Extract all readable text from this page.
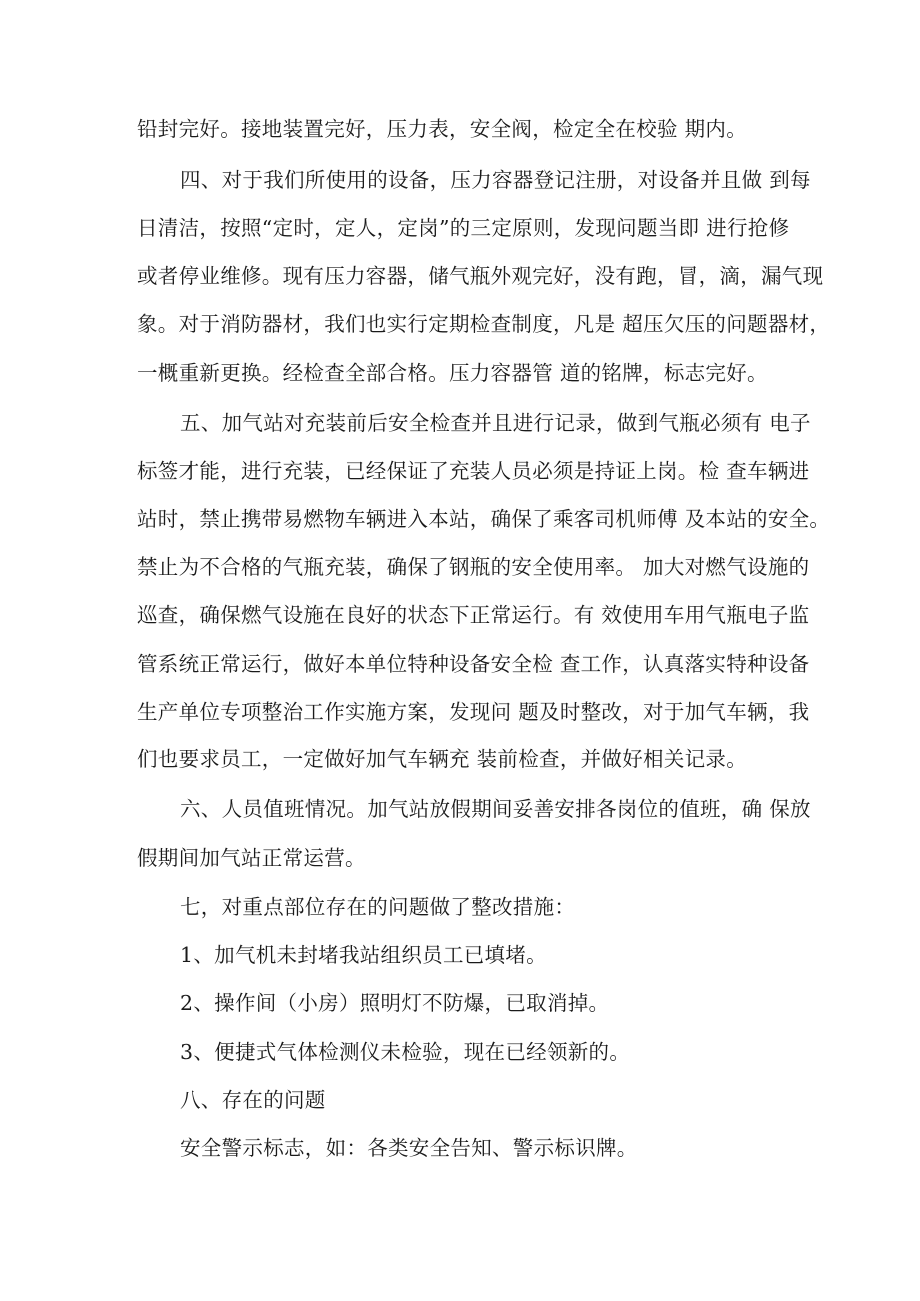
铅封完好。接地装置完好，压力表，安全阀，检定全在校验 期内。
四、对于我们所使用的设备，压力容器登记注册，对设备并且做 到每
日清洁，按照“定时，定人，定岗”的三定原则，发现问题当即 进行抢修
或者停业维修。现有压力容器，储气瓶外观完好，没有跑，冒，滴，漏气现
象。对于消防器材，我们也实行定期检查制度，凡是 超压欠压的问题器材，
一概重新更换。经检查全部合格。压力容器管 道的铭牌，标志完好。
五、加气站对充装前后安全检查并且进行记录，做到气瓶必须有 电子
标签才能，进行充装，已经保证了充装人员必须是持证上岗。检 查车辆进
站时，禁止携带易燃物车辆进入本站，确保了乘客司机师傅 及本站的安全。
禁止为不合格的气瓶充装，确保了钢瓶的安全使用率。 加大对燃气设施的
巡查，确保燃气设施在良好的状态下正常运行。有 效使用车用气瓶电子监
管系统正常运行，做好本单位特种设备安全检 查工作，认真落实特种设备
生产单位专项整治工作实施方案，发现问 题及时整改，对于加气车辆，我
们也要求员工，一定做好加气车辆充 装前检查，并做好相关记录。
六、人员值班情况。加气站放假期间妥善安排各岗位的值班，确 保放
假期间加气站正常运营。
七，对重点部位存在的问题做了整改措施：
1、加气机未封堵我站组织员工已填堵。
2、操作间（小房）照明灯不防爆，已取消掉。
3、便捷式气体检测仪未检验，现在已经领新的。
八、存在的问题
安全警示标志，如：各类安全告知、警示标识牌。
